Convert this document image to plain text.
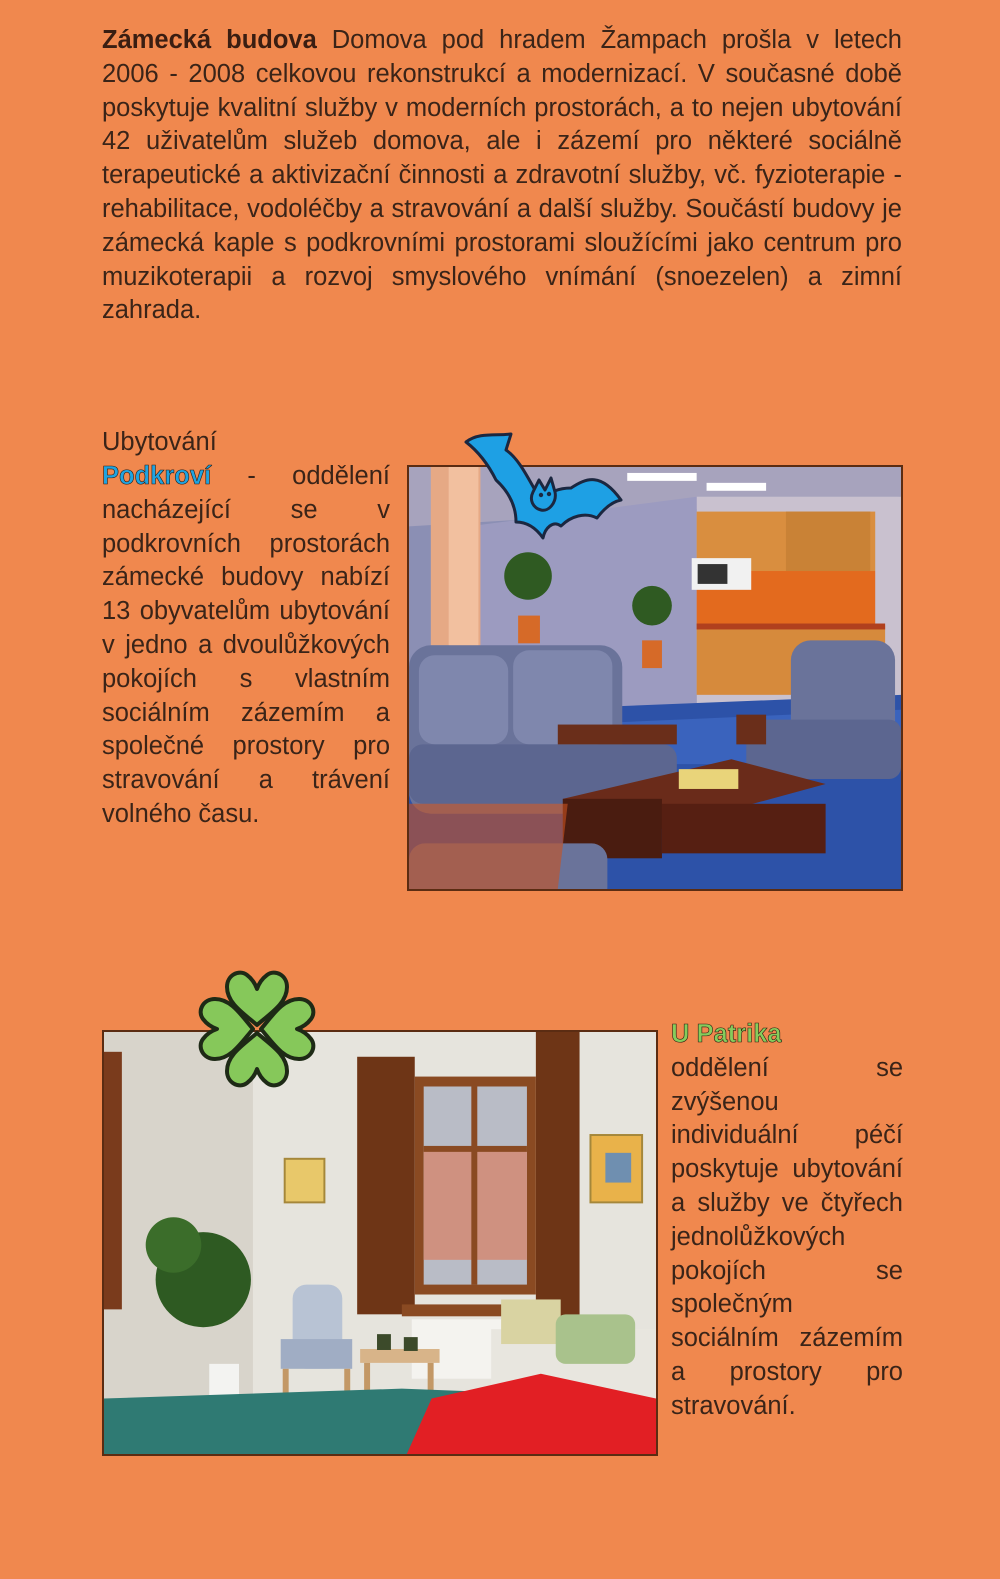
Zámecká budova Domova pod hradem Žampach prošla v letech 2006 - 2008 celkovou rekonstrukcí a modernizací. V současné době poskytuje kvalitní služby v moderních prostorách, a to nejen ubytování 42 uživatelům služeb domova, ale i zázemí pro některé sociálně terapeutické a aktivizační činnosti a zdravotní služby, vč. fyzioterapie - rehabilitace, vodoléčby a stravování a další služby. Součástí budovy je zámecká kaple s podkrovními prostorami sloužícími jako centrum pro muzikoterapii a rozvoj smyslového vnímání (snoezelen) a zimní zahrada.

Ubytování

Podkroví - oddělení nacházející se v podkrovních prostorách zámecké budovy nabízí 13 obyvatelům ubytování v jedno a dvoulůžkových pokojích s vlastním sociálním zázemím a společné prostory pro stravování a trávení volného času.

U Patrika
oddělení se zvýšenou individuální péčí poskytuje ubytování a služby ve čtyřech jednolůžkových pokojích se společným sociálním zázemím a prostory pro stravování.
